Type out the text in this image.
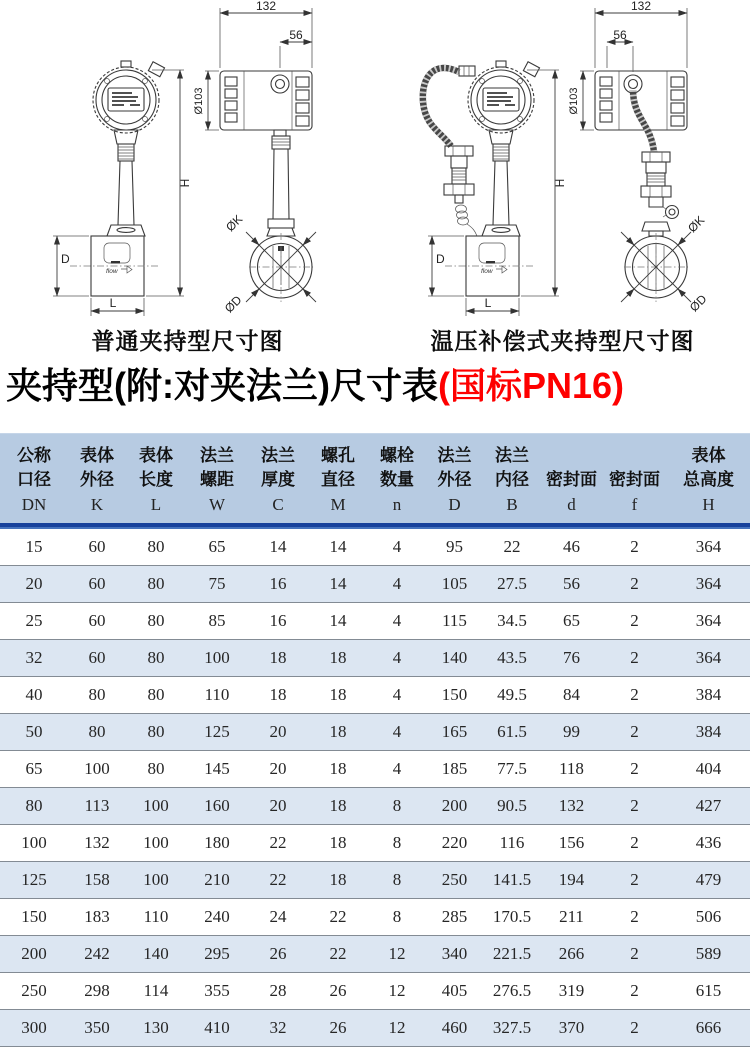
flow
D
L
H
ØK
ØD
132
56
Ø103
flow
D
L
H
ØK
ØD
132
56
Ø103
普通夹持型尺寸图	温压补偿式夹持型尺寸图
夹持型(附:对夹法兰)尺寸表(国标PN16)
公称
口径
DN

表体
外径
K

表体
长度
L

法兰
螺距
W

法兰
厚度
C

螺孔
直径
M

螺栓
数量
n

法兰
外径
D

法兰
内径
B

密封面
d

密封面
f

表体
总高度
H

15	60	80	65	14	14	4	95	22	46	2	364
20	60	80	75	16	14	4	105	27.5	56	2	364
25	60	80	85	16	14	4	115	34.5	65	2	364
32	60	80	100	18	18	4	140	43.5	76	2	364
40	80	80	110	18	18	4	150	49.5	84	2	384
50	80	80	125	20	18	4	165	61.5	99	2	384
65	100	80	145	20	18	4	185	77.5	118	2	404
80	113	100	160	20	18	8	200	90.5	132	2	427
100	132	100	180	22	18	8	220	116	156	2	436
125	158	100	210	22	18	8	250	141.5	194	2	479
150	183	110	240	24	22	8	285	170.5	211	2	506
200	242	140	295	26	22	12	340	221.5	266	2	589
250	298	114	355	28	26	12	405	276.5	319	2	615
300	350	130	410	32	26	12	460	327.5	370	2	666
